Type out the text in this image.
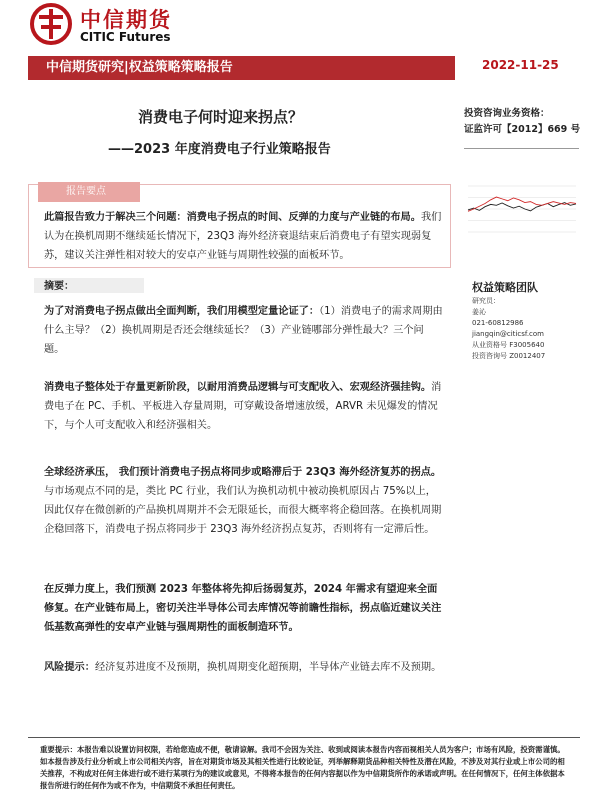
中信期货
CITIC Futures
中信期货研究|权益策略策略报告	2022-11-25
消费电子何时迎来拐点？
——2023 年度消费电子行业策略报告
投资咨询业务资格：
证监许可【2012】669 号
报告要点
此篇报告致力于解决三个问题：消费电子拐点的时间、反弹的力度与产业链的布局。我们认为在换机周期不继续延长情况下，23Q3 海外经济衰退结束后消费电子有望实现弱复苏，建议关注弹性相对较大的安卓产业链与周期性较强的面板环节。
摘要：
为了对消费电子拐点做出全面判断，我们用模型定量论证了：（1）消费电子的需求周期由什么主导？（2）换机周期是否还会继续延长？（3）产业链哪部分弹性最大？三个问题。
消费电子整体处于存量更新阶段，以耐用消费品逻辑与可支配收入、宏观经济强挂钩。消费电子在 PC、手机、平板进入存量周期，可穿戴设备增速放缓，ARVR 未见爆发的情况下，与个人可支配收入和经济强相关。
全球经济承压， 我们预计消费电子拐点将同步或略滞后于 23Q3 海外经济复苏的拐点。与市场观点不同的是，类比 PC 行业，我们认为换机动机中被动换机原因占 75%以上，因此仅存在微创新的产品换机周期并不会无限延长，而很大概率将企稳回落。在换机周期企稳回落下，消费电子拐点将同步于 23Q3 海外经济拐点复苏，否则将有一定滞后性。
在反弹力度上，我们预测 2023 年整体将先抑后扬弱复苏，2024 年需求有望迎来全面修复。在产业链布局上，密切关注半导体公司去库情况等前瞻性指标，拐点临近建议关注低基数高弹性的安卓产业链与强周期性的面板制造环节。
风险提示：经济复苏进度不及预期，换机周期变化超预期，半导体产业链去库不及预期。
权益策略团队
研究员：
姜沁
021-60812986
jiangqin@citicsf.com
从业资格号 F3005640
投资咨询号 Z0012407
重要提示：本报告难以设置访问权限，若给您造成不便，敬请谅解。我司不会因为关注、收到或阅读本报告内容而视相关人员为客户；市场有风险，投资需谨慎。如本报告涉及行业分析或上市公司相关内容，旨在对期货市场及其相关性进行比较论证，列举解释期货品种相关特性及潜在风险，不涉及对其行业或上市公司的相关推荐，不构成对任何主体进行或不进行某项行为的建议或意见，不得将本报告的任何内容据以作为中信期货所作的承诺或声明。在任何情况下，任何主体依据本报告所进行的任何作为或不作为，中信期货不承担任何责任。
